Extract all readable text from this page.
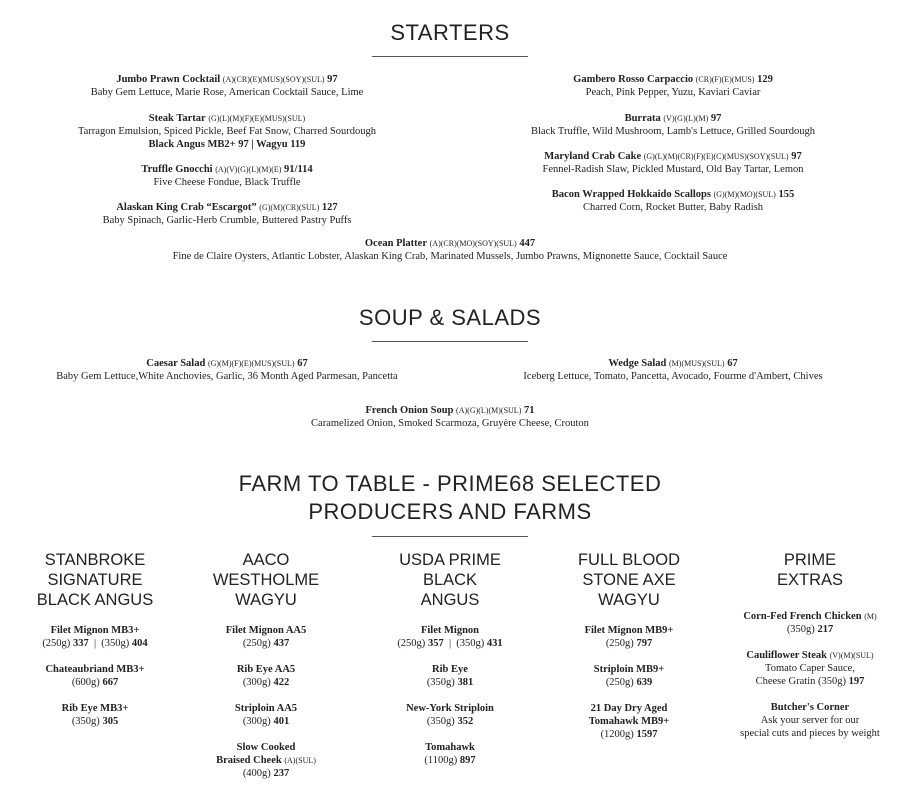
STARTERS
Jumbo Prawn Cocktail (A)(CR)(E)(MUS)(SOY)(SUL) 97
Baby Gem Lettuce, Marie Rose, American Cocktail Sauce, Lime
Steak Tartar (G)(L)(M)(F)(E)(MUS)(SUL)
Tarragon Emulsion, Spiced Pickle, Beef Fat Snow, Charred Sourdough
Black Angus MB2+ 97 | Wagyu 119
Truffle Gnocchi (A)(V)(G)(L)(M)(E) 91/114
Five Cheese Fondue, Black Truffle
Alaskan King Crab “Escargot” (G)(M)(CR)(SUL) 127
Baby Spinach, Garlic-Herb Crumble, Buttered Pastry Puffs
Gambero Rosso Carpaccio (CR)(F)(E)(MUS) 129
Peach, Pink Pepper, Yuzu, Kaviari Caviar
Burrata (V)(G)(L)(M) 97
Black Truffle, Wild Mushroom, Lamb's Lettuce, Grilled Sourdough
Maryland Crab Cake (G)(L)(M)(CR)(F)(E)(C)(MUS)(SOY)(SUL) 97
Fennel-Radish Slaw, Pickled Mustard, Old Bay Tartar, Lemon
Bacon Wrapped Hokkaido Scallops (G)(M)(MO)(SUL) 155
Charred Corn, Rocket Butter, Baby Radish
Ocean Platter (A)(CR)(MO)(SOY)(SUL) 447
Fine de Claire Oysters, Atlantic Lobster, Alaskan King Crab, Marinated Mussels, Jumbo Prawns, Mignonette Sauce, Cocktail Sauce
SOUP & SALADS
Caesar Salad (G)(M)(F)(E)(MUS)(SUL) 67
Baby Gem Lettuce,White Anchovies, Garlic, 36 Month Aged Parmesan, Pancetta
Wedge Salad (M)(MUS)(SUL) 67
Iceberg Lettuce, Tomato, Pancetta, Avocado, Fourme d'Ambert, Chives
French Onion Soup (A)(G)(L)(M)(SUL) 71
Caramelized Onion, Smoked Scarmoza, Gruyère Cheese, Crouton
FARM TO TABLE - PRIME68 SELECTED
PRODUCERS AND FARMS
STANBROKE
SIGNATURE
BLACK ANGUS
Filet Mignon MB3+
(250g) 337 | (350g) 404
Chateaubriand MB3+
(600g) 667
Rib Eye MB3+
(350g) 305
AACO
WESTHOLME
WAGYU
Filet Mignon AA5
(250g) 437
Rib Eye AA5
(300g) 422
Striploin AA5
(300g) 401
Slow Cooked
Braised Cheek (A)(SUL)
(400g) 237
USDA PRIME
BLACK
ANGUS
Filet Mignon
(250g) 357 | (350g) 431
Rib Eye
(350g) 381
New-York Striploin
(350g) 352
Tomahawk
(1100g) 897
FULL BLOOD
STONE AXE
WAGYU
Filet Mignon MB9+
(250g) 797
Striploin MB9+
(250g) 639
21 Day Dry Aged
Tomahawk MB9+
(1200g) 1597
PRIME
EXTRAS
Corn-Fed French Chicken (M)
(350g) 217
Cauliflower Steak (V)(M)(SUL)
Tomato Caper Sauce,
Cheese Gratin (350g) 197
Butcher's Corner
Ask your server for our
special cuts and pieces by weight
